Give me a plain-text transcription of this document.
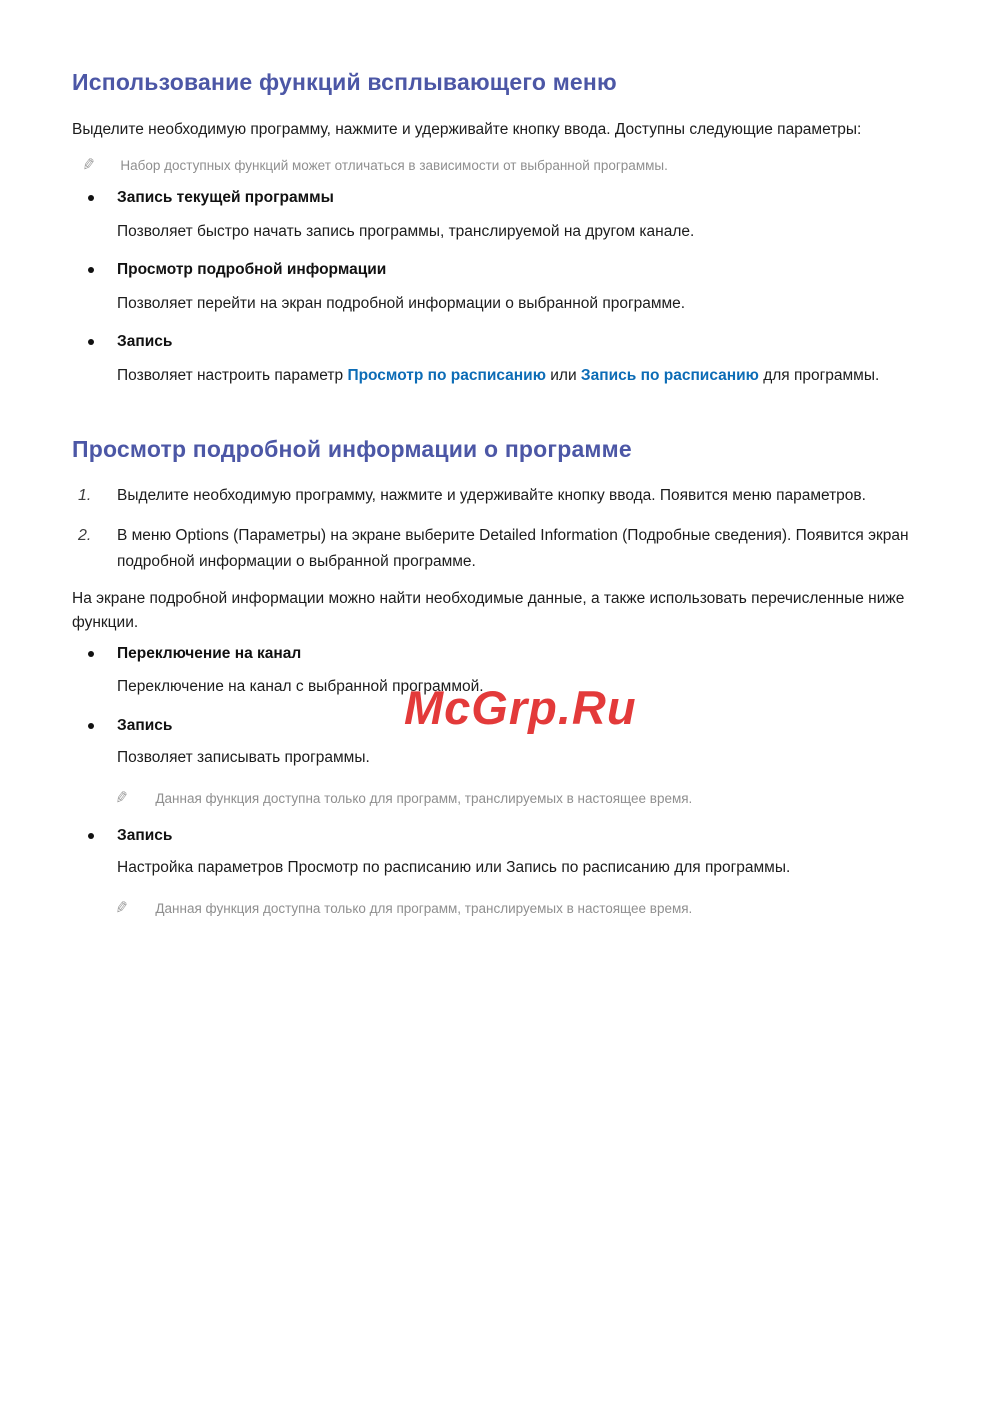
Использование функций всплывающего меню

Выделите необходимую программу, нажмите и удерживайте кнопку ввода. Доступны следующие параметры:

✎ Набор доступных функций может отличаться в зависимости от выбранной программы.
Запись текущей программы

Позволяет быстро начать запись программы, транслируемой на другом канале.

Просмотр подробной информации

Позволяет перейти на экран подробной информации о выбранной программе.

Запись

Позволяет настроить параметр Просмотр по расписанию или Запись по расписанию для программы.

Просмотр подробной информации о программе
1. Выделите необходимую программу, нажмите и удерживайте кнопку ввода. Появится меню параметров.
2. В меню Options (Параметры) на экране выберите Detailed Information (Подробные сведения). Появится экран подробной информации о выбранной программе.

На экране подробной информации можно найти необходимые данные, а также использовать перечисленные ниже функции.

Переключение на канал

Переключение на канал с выбранной программой.

Запись

Позволяет записывать программы.

✎ Данная функция доступна только для программ, транслируемых в настоящее время.
Запись

Настройка параметров Просмотр по расписанию или Запись по расписанию для программы.

✎ Данная функция доступна только для программ, транслируемых в настоящее время.
McGrp.Ru
